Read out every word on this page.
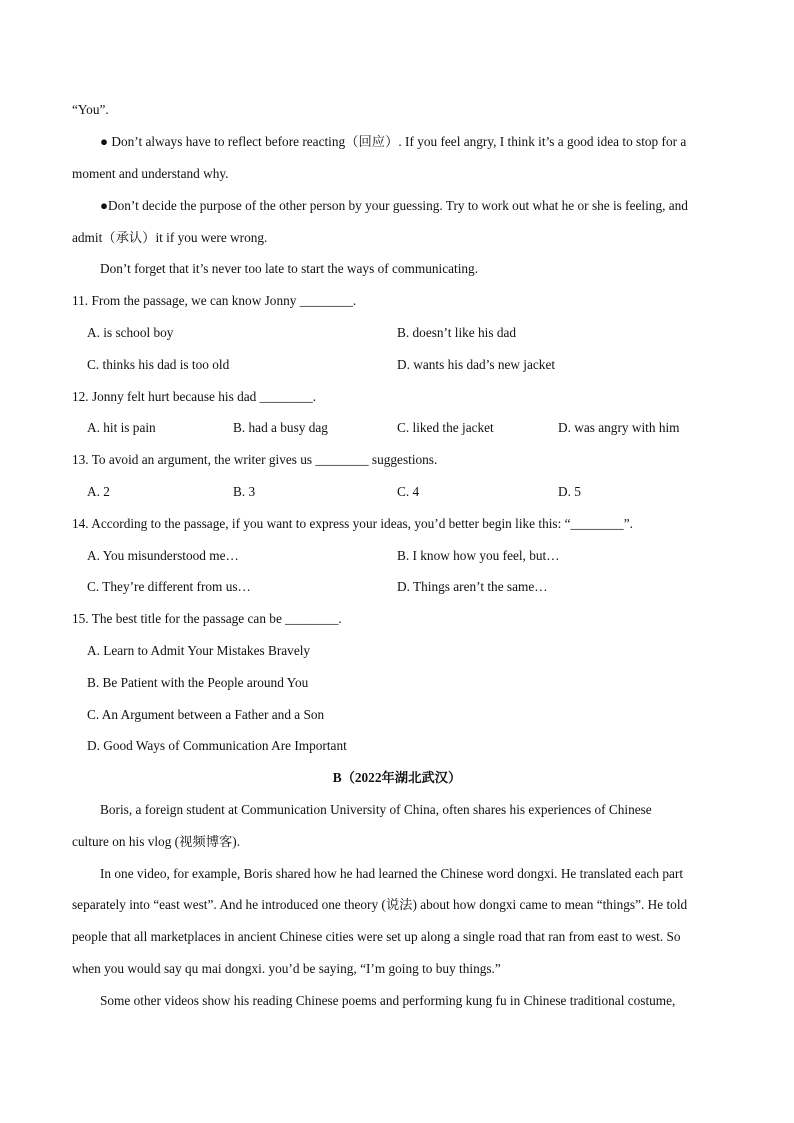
“You”.
● Don’t always have to reflect before reacting（回应）. If you feel angry, I think it’s a good idea to stop for a
moment and understand why.
●Don’t decide the purpose of the other person by your guessing. Try to work out what he or she is feeling, and
admit（承认）it if you were wrong.
Don’t forget that it’s never too late to start the ways of communicating.
11. From the passage, we can know Jonny ________.
A. is school boy	B. doesn’t like his dad
C. thinks his dad is too old	D. wants his dad’s new jacket
12. Jonny felt hurt because his dad ________.
A. hit is pain	B. had a busy dag	C. liked the jacket	D. was angry with him
13. To avoid an argument, the writer gives us ________ suggestions.
A. 2	B. 3	C. 4	D. 5
14. According to the passage, if you want to express your ideas, you’d better begin like this: “________”.
A. You misunderstood me…	B. I know how you feel, but…
C. They’re different from us…	D. Things aren’t the same…
15. The best title for the passage can be ________.
A. Learn to Admit Your Mistakes Bravely
B. Be Patient with the People around You
C. An Argument between a Father and a Son
D. Good Ways of Communication Are Important
B（2022年湖北武汉）
Boris, a foreign student at Communication University of China, often shares his experiences of Chinese
culture on his vlog (视频博客).
In one video, for example, Boris shared how he had learned the Chinese word dongxi. He translated each part
separately into “east west”. And he introduced one theory (说法) about how dongxi came to mean “things”. He told
people that all marketplaces in ancient Chinese cities were set up along a single road that ran from east to west. So
when you would say qu mai dongxi. you’d be saying, “I’m going to buy things.”
Some other videos show his reading Chinese poems and performing kung fu in Chinese traditional costume,
